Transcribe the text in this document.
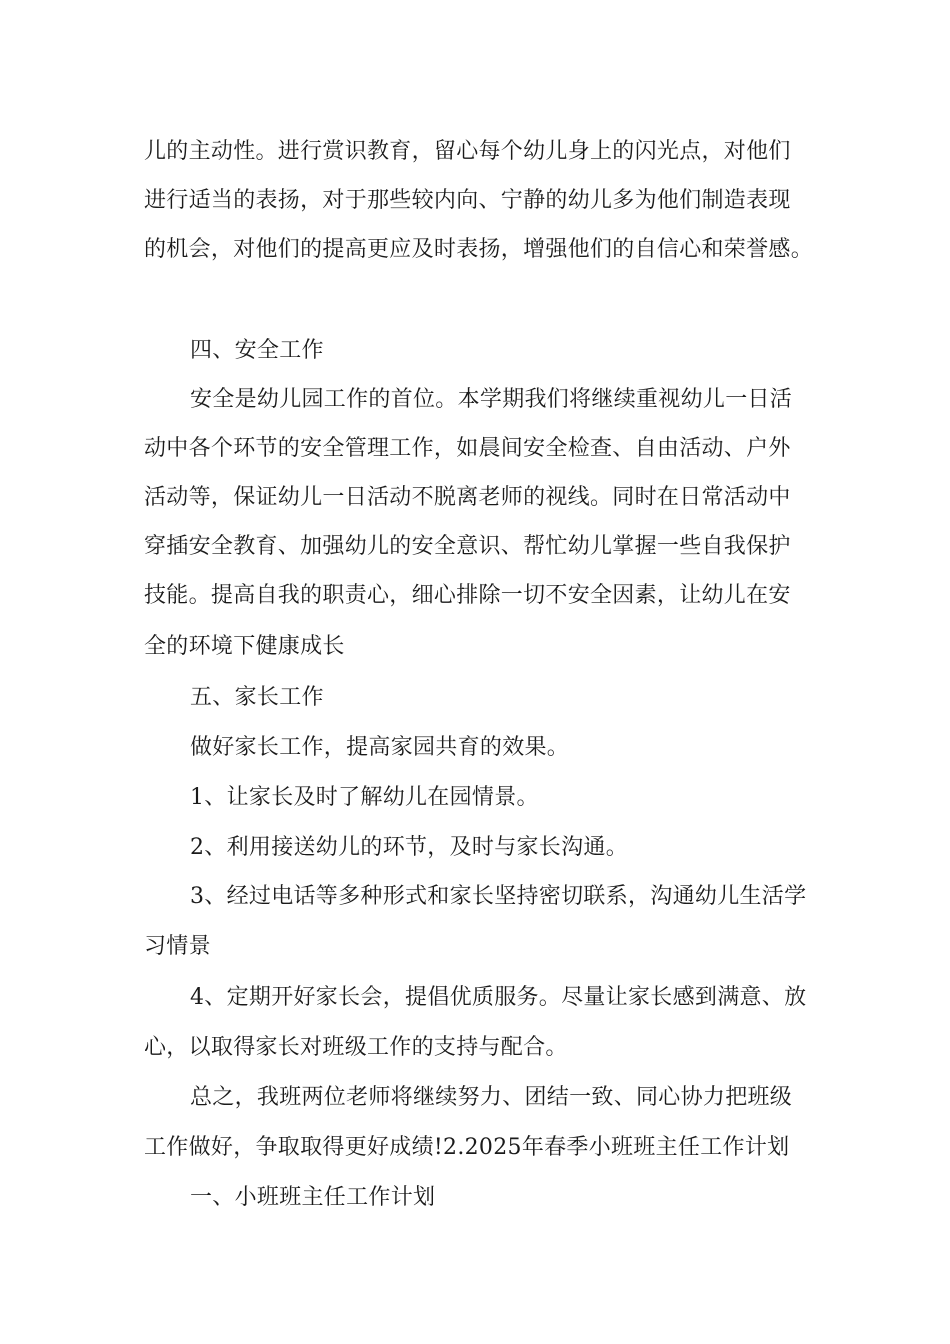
儿的主动性。进行赏识教育，留心每个幼儿身上的闪光点，对他们
进行适当的表扬，对于那些较内向、宁静的幼儿多为他们制造表现
的机会，对他们的提高更应及时表扬，增强他们的自信心和荣誉感。
四、安全工作
安全是幼儿园工作的首位。本学期我们将继续重视幼儿一日活
动中各个环节的安全管理工作，如晨间安全检查、自由活动、户外
活动等，保证幼儿一日活动不脱离老师的视线。同时在日常活动中
穿插安全教育、加强幼儿的安全意识、帮忙幼儿掌握一些自我保护
技能。提高自我的职责心，细心排除一切不安全因素，让幼儿在安
全的环境下健康成长
五、家长工作
做好家长工作，提高家园共育的效果。
1、让家长及时了解幼儿在园情景。
2、利用接送幼儿的环节，及时与家长沟通。
3、经过电话等多种形式和家长坚持密切联系，沟通幼儿生活学
习情景
4、定期开好家长会，提倡优质服务。尽量让家长感到满意、放
心，以取得家长对班级工作的支持与配合。
总之，我班两位老师将继续努力、团结一致、同心协力把班级
工作做好，争取取得更好成绩!2.2025年春季小班班主任工作计划
一、小班班主任工作计划
